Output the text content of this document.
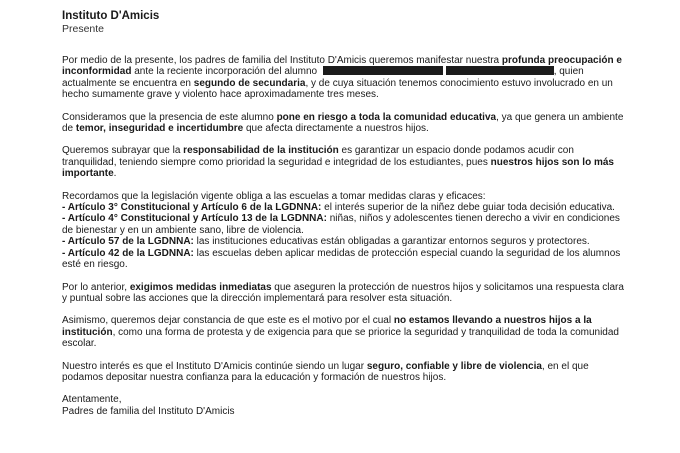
Instituto D'Amicis
Presente

Por medio de la presente, los padres de familia del Instituto D'Amicis queremos manifestar nuestra profunda preocupación e inconformidad ante la reciente incorporación del alumno	, quien actualmente se encuentra en segundo de secundaria, y de cuya situación tenemos conocimiento estuvo involucrado en un hecho sumamente grave y violento hace aproximadamente tres meses.

Consideramos que la presencia de este alumno pone en riesgo a toda la comunidad educativa, ya que genera un ambiente de temor, inseguridad e incertidumbre que afecta directamente a nuestros hijos.

Queremos subrayar que la responsabilidad de la institución es garantizar un espacio donde podamos acudir con tranquilidad, teniendo siempre como prioridad la seguridad e integridad de los estudiantes, pues nuestros hijos son lo más importante.

Recordamos que la legislación vigente obliga a las escuelas a tomar medidas claras y eficaces:
- Artículo 3° Constitucional y Artículo 6 de la LGDNNA: el interés superior de la niñez debe guiar toda decisión educativa.
- Artículo 4° Constitucional y Artículo 13 de la LGDNNA: niñas, niños y adolescentes tienen derecho a vivir en condiciones de bienestar y en un ambiente sano, libre de violencia.
- Artículo 57 de la LGDNNA: las instituciones educativas están obligadas a garantizar entornos seguros y protectores.
- Artículo 42 de la LGDNNA: las escuelas deben aplicar medidas de protección especial cuando la seguridad de los alumnos esté en riesgo.

Por lo anterior, exigimos medidas inmediatas que aseguren la protección de nuestros hijos y solicitamos una respuesta clara y puntual sobre las acciones que la dirección implementará para resolver esta situación.

Asimismo, queremos dejar constancia de que este es el motivo por el cual no estamos llevando a nuestros hijos a la institución, como una forma de protesta y de exigencia para que se priorice la seguridad y tranquilidad de toda la comunidad escolar.

Nuestro interés es que el Instituto D'Amicis continúe siendo un lugar seguro, confiable y libre de violencia, en el que podamos depositar nuestra confianza para la educación y formación de nuestros hijos.

Atentamente,
Padres de familia del Instituto D'Amicis
